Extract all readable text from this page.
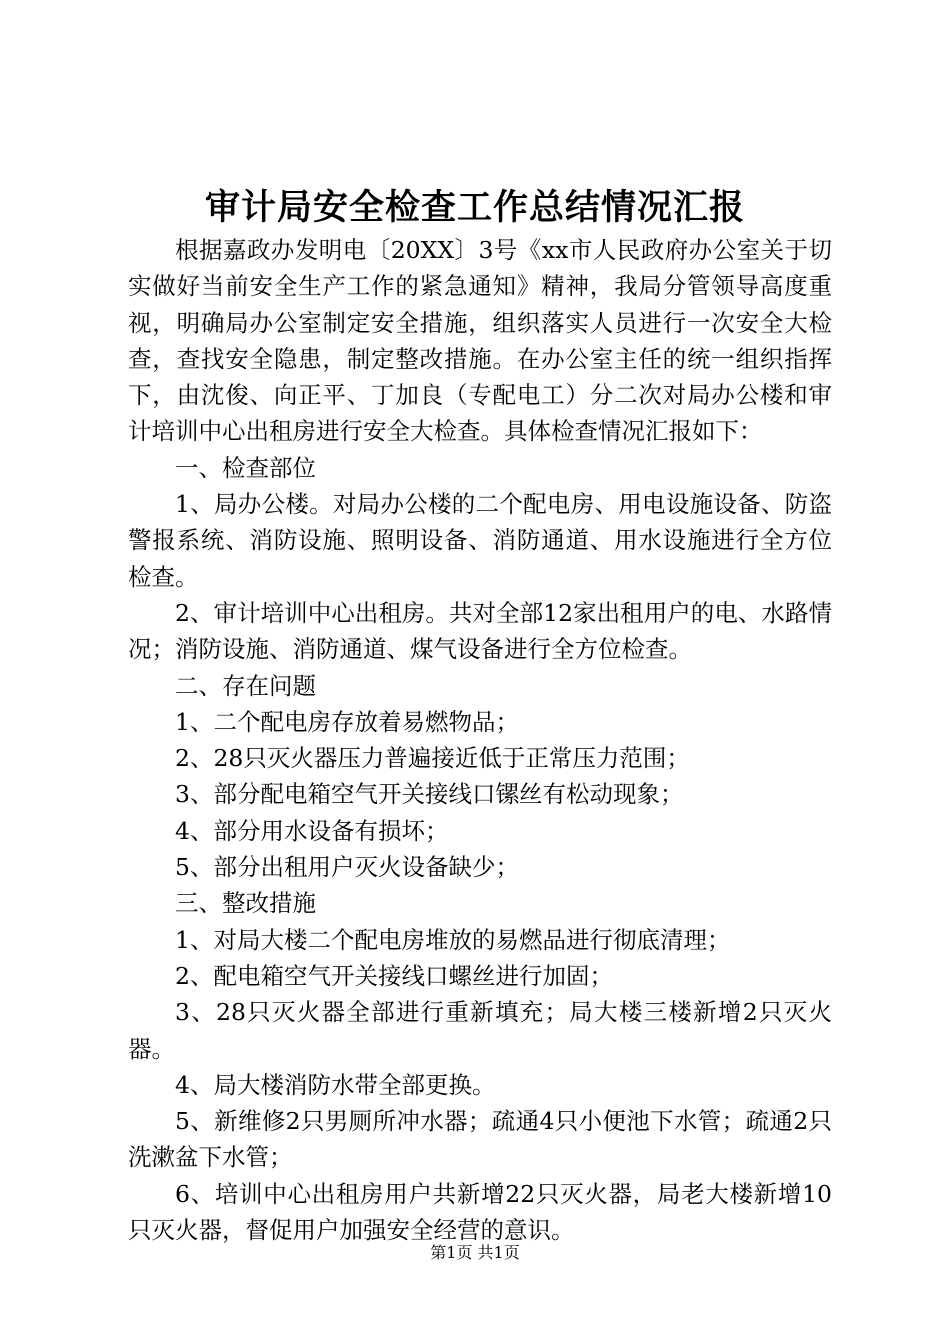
审计局安全检查工作总结情况汇报

根据嘉政办发明电〔20XX〕3号《xx市人民政府办公室关于切实做好当前安全生产工作的紧急通知》精神，我局分管领导高度重视，明确局办公室制定安全措施，组织落实人员进行一次安全大检查，查找安全隐患，制定整改措施。在办公室主任的统一组织指挥下，由沈俊、向正平、丁加良（专配电工）分二次对局办公楼和审计培训中心出租房进行安全大检查。具体检查情况汇报如下：

一、检查部位

1、局办公楼。对局办公楼的二个配电房、用电设施设备、防盗警报系统、消防设施、照明设备、消防通道、用水设施进行全方位检查。

2、审计培训中心出租房。共对全部12家出租用户的电、水路情况；消防设施、消防通道、煤气设备进行全方位检查。

二、存在问题

1、二个配电房存放着易燃物品；

2、28只灭火器压力普遍接近低于正常压力范围；

3、部分配电箱空气开关接线口镙丝有松动现象；

4、部分用水设备有损坏；

5、部分出租用户灭火设备缺少；

三、整改措施

1、对局大楼二个配电房堆放的易燃品进行彻底清理；

2、配电箱空气开关接线口螺丝进行加固；

3、28只灭火器全部进行重新填充；局大楼三楼新增2只灭火器。

4、局大楼消防水带全部更换。

5、新维修2只男厕所冲水器；疏通4只小便池下水管；疏通2只洗漱盆下水管；

6、培训中心出租房用户共新增22只灭火器，局老大楼新增10只灭火器，督促用户加强安全经营的意识。

第1页 共1页
